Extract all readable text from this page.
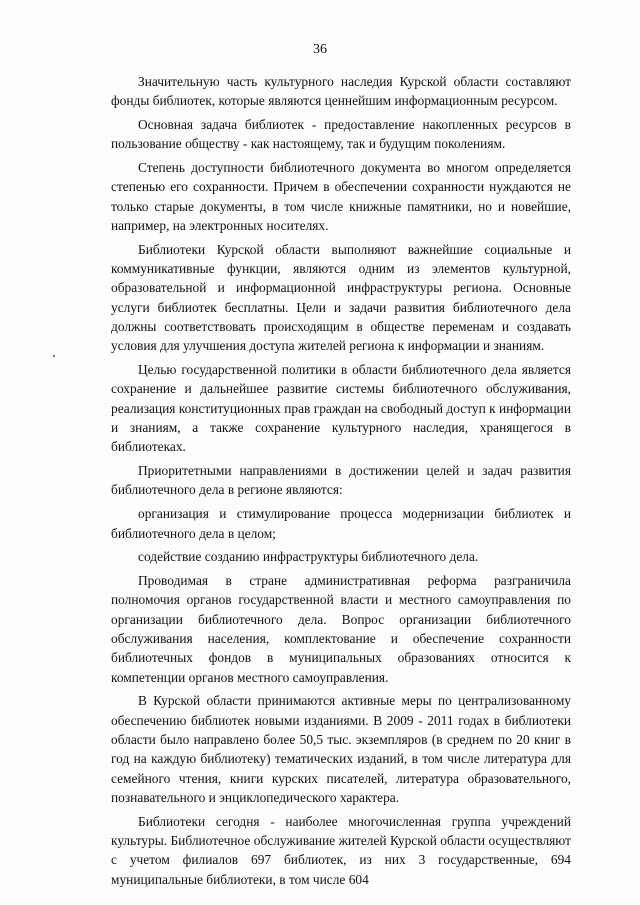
36

Значительную часть культурного наследия Курской области составляют фонды библиотек, которые являются ценнейшим информационным ресурсом.

Основная задача библиотек - предоставление накопленных ресурсов в пользование обществу - как настоящему, так и будущим поколениям.

Степень доступности библиотечного документа во многом определяется степенью его сохранности. Причем в обеспечении сохранности нуждаются не только старые документы, в том числе книжные памятники, но и новейшие, например, на электронных носителях.

Библиотеки Курской области выполняют важнейшие социальные и коммуникативные функции, являются одним из элементов культурной, образовательной и информационной инфраструктуры региона. Основные услуги библиотек бесплатны. Цели и задачи развития библиотечного дела должны соответствовать происходящим в обществе переменам и создавать условия для улучшения доступа жителей региона к информации и знаниям.

Целью государственной политики в области библиотечного дела является сохранение и дальнейшее развитие системы библиотечного обслуживания, реализация конституционных прав граждан на свободный доступ к информации и знаниям, а также сохранение культурного наследия, хранящегося в библиотеках.

Приоритетными направлениями в достижении целей и задач развития библиотечного дела в регионе являются:

организация и стимулирование процесса модернизации библиотек и библиотечного дела в целом;

содействие созданию инфраструктуры библиотечного дела.

Проводимая в стране административная реформа разграничила полномочия органов государственной власти и местного самоуправления по организации библиотечного дела. Вопрос организации библиотечного обслуживания населения, комплектование и обеспечение сохранности библиотечных фондов в муниципальных образованиях относится к компетенции органов местного самоуправления.

В Курской области принимаются активные меры по централизованному обеспечению библиотек новыми изданиями. В 2009 - 2011 годах в библиотеки области было направлено более 50,5 тыс. экземпляров (в среднем по 20 книг в год на каждую библиотеку) тематических изданий, в том числе литература для семейного чтения, книги курских писателей, литература образовательного, познавательного и энциклопедического характера.

Библиотеки сегодня - наиболее многочисленная группа учреждений культуры. Библиотечное обслуживание жителей Курской области осуществляют с учетом филиалов 697 библиотек, из них 3 государственные, 694 муниципальные библиотеки, в том числе 604
